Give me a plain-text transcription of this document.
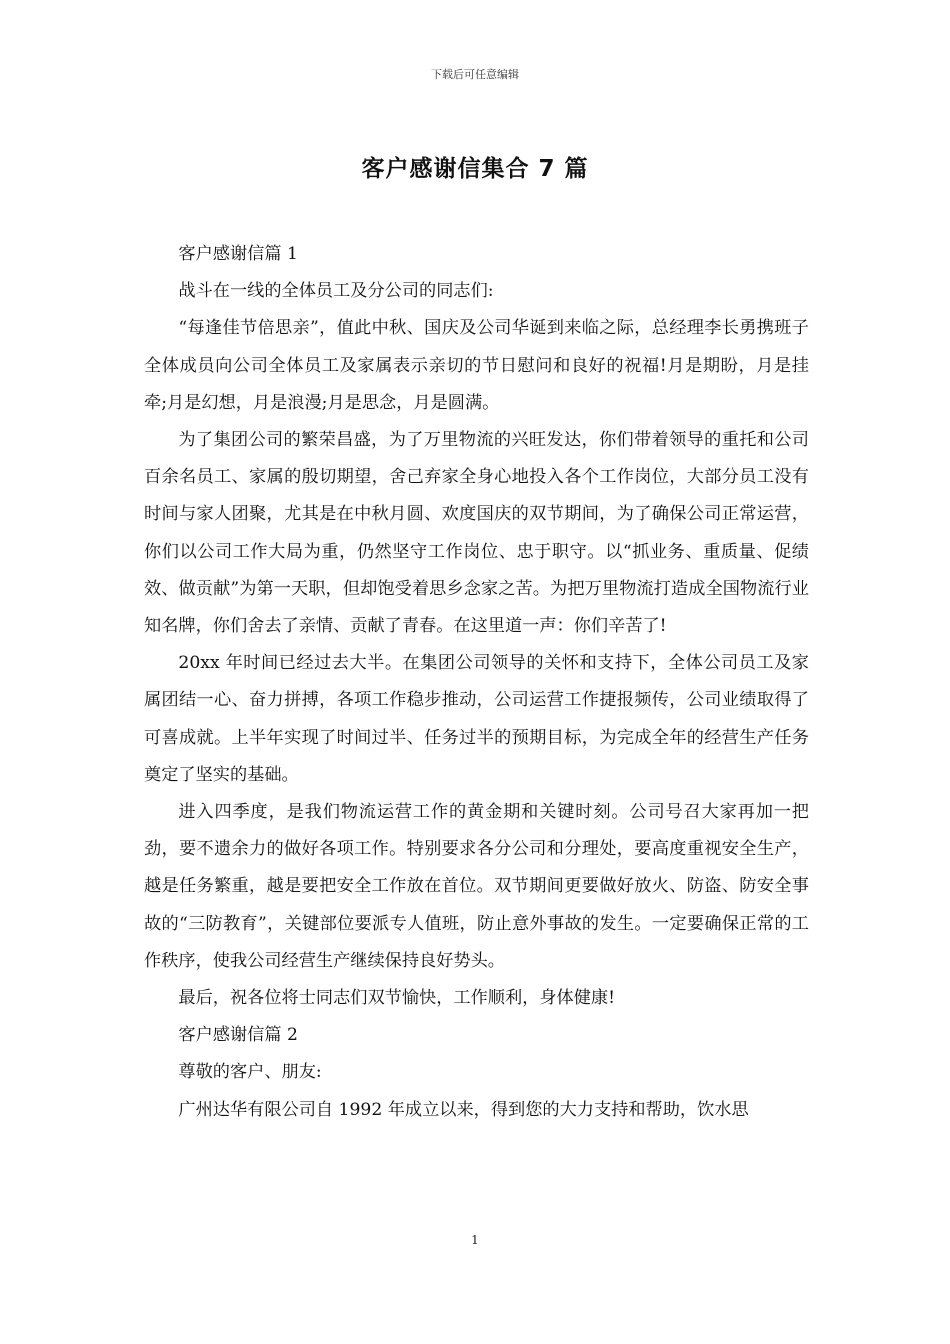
下载后可任意编辑
客户感谢信集合 7 篇

客户感谢信篇 1

战斗在一线的全体员工及分公司的同志们:

“每逢佳节倍思亲”，值此中秋、国庆及公司华诞到来临之际，总经理李长勇携班子全体成员向公司全体员工及家属表示亲切的节日慰问和良好的祝福!月是期盼，月是挂牵;月是幻想，月是浪漫;月是思念，月是圆满。

为了集团公司的繁荣昌盛，为了万里物流的兴旺发达，你们带着领导的重托和公司百余名员工、家属的殷切期望，舍己弃家全身心地投入各个工作岗位，大部分员工没有时间与家人团聚，尤其是在中秋月圆、欢度国庆的双节期间，为了确保公司正常运营，你们以公司工作大局为重，仍然坚守工作岗位、忠于职守。以“抓业务、重质量、促绩效、做贡献”为第一天职，但却饱受着思乡念家之苦。为把万里物流打造成全国物流行业知名牌，你们舍去了亲情、贡献了青春。在这里道一声：你们辛苦了!

20xx 年时间已经过去大半。在集团公司领导的关怀和支持下，全体公司员工及家属团结一心、奋力拼搏，各项工作稳步推动，公司运营工作捷报频传，公司业绩取得了可喜成就。上半年实现了时间过半、任务过半的预期目标，为完成全年的经营生产任务奠定了坚实的基础。

进入四季度，是我们物流运营工作的黄金期和关键时刻。公司号召大家再加一把劲，要不遗余力的做好各项工作。特别要求各分公司和分理处，要高度重视安全生产，越是任务繁重，越是要把安全工作放在首位。双节期间更要做好放火、防盗、防安全事故的“三防教育”，关键部位要派专人值班，防止意外事故的发生。一定要确保正常的工作秩序，使我公司经营生产继续保持良好势头。

最后，祝各位将士同志们双节愉快，工作顺利，身体健康!

客户感谢信篇 2

尊敬的客户、朋友:

广州达华有限公司自 1992 年成立以来，得到您的大力支持和帮助，饮水思

1
